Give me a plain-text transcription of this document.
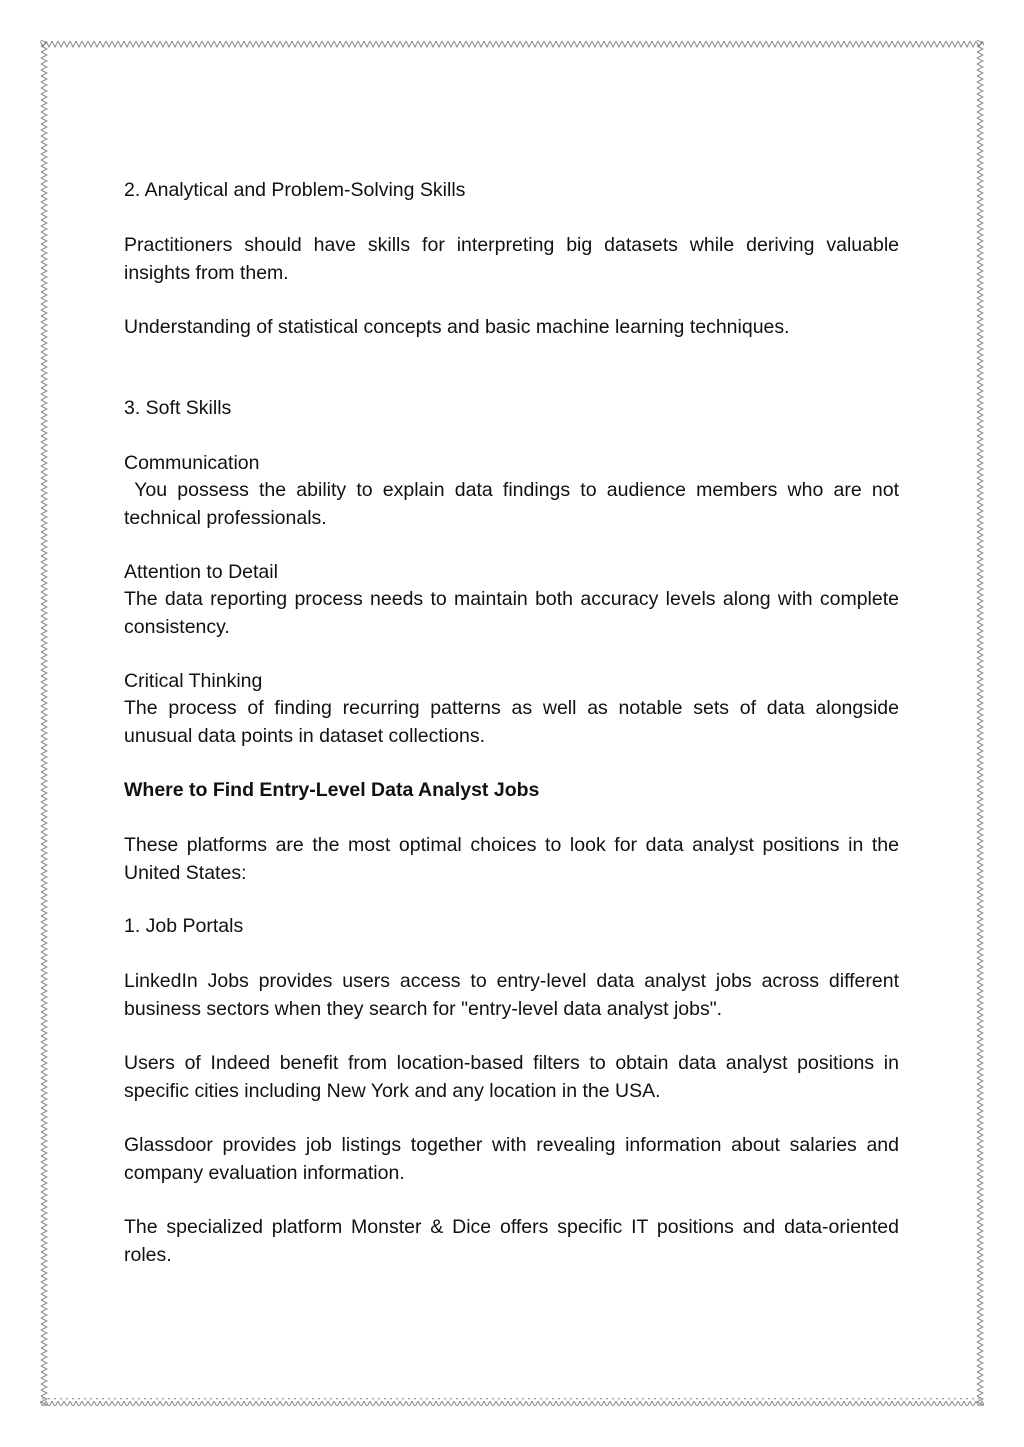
2. Analytical and Problem-Solving Skills

Practitioners should have skills for interpreting big datasets while deriving valuable insights from them.

Understanding of statistical concepts and basic machine learning techniques.

3. Soft Skills

Communication

You possess the ability to explain data findings to audience members who are not technical professionals.

Attention to Detail

The data reporting process needs to maintain both accuracy levels along with complete consistency.

Critical Thinking

The process of finding recurring patterns as well as notable sets of data alongside unusual data points in dataset collections.

Where to Find Entry-Level Data Analyst Jobs

These platforms are the most optimal choices to look for data analyst positions in the United States:

1. Job Portals

LinkedIn Jobs provides users access to entry-level data analyst jobs across different business sectors when they search for "entry-level data analyst jobs".

Users of Indeed benefit from location-based filters to obtain data analyst positions in specific cities including New York and any location in the USA.

Glassdoor provides job listings together with revealing information about salaries and company evaluation information.

The specialized platform Monster & Dice offers specific IT positions and data-oriented roles.
